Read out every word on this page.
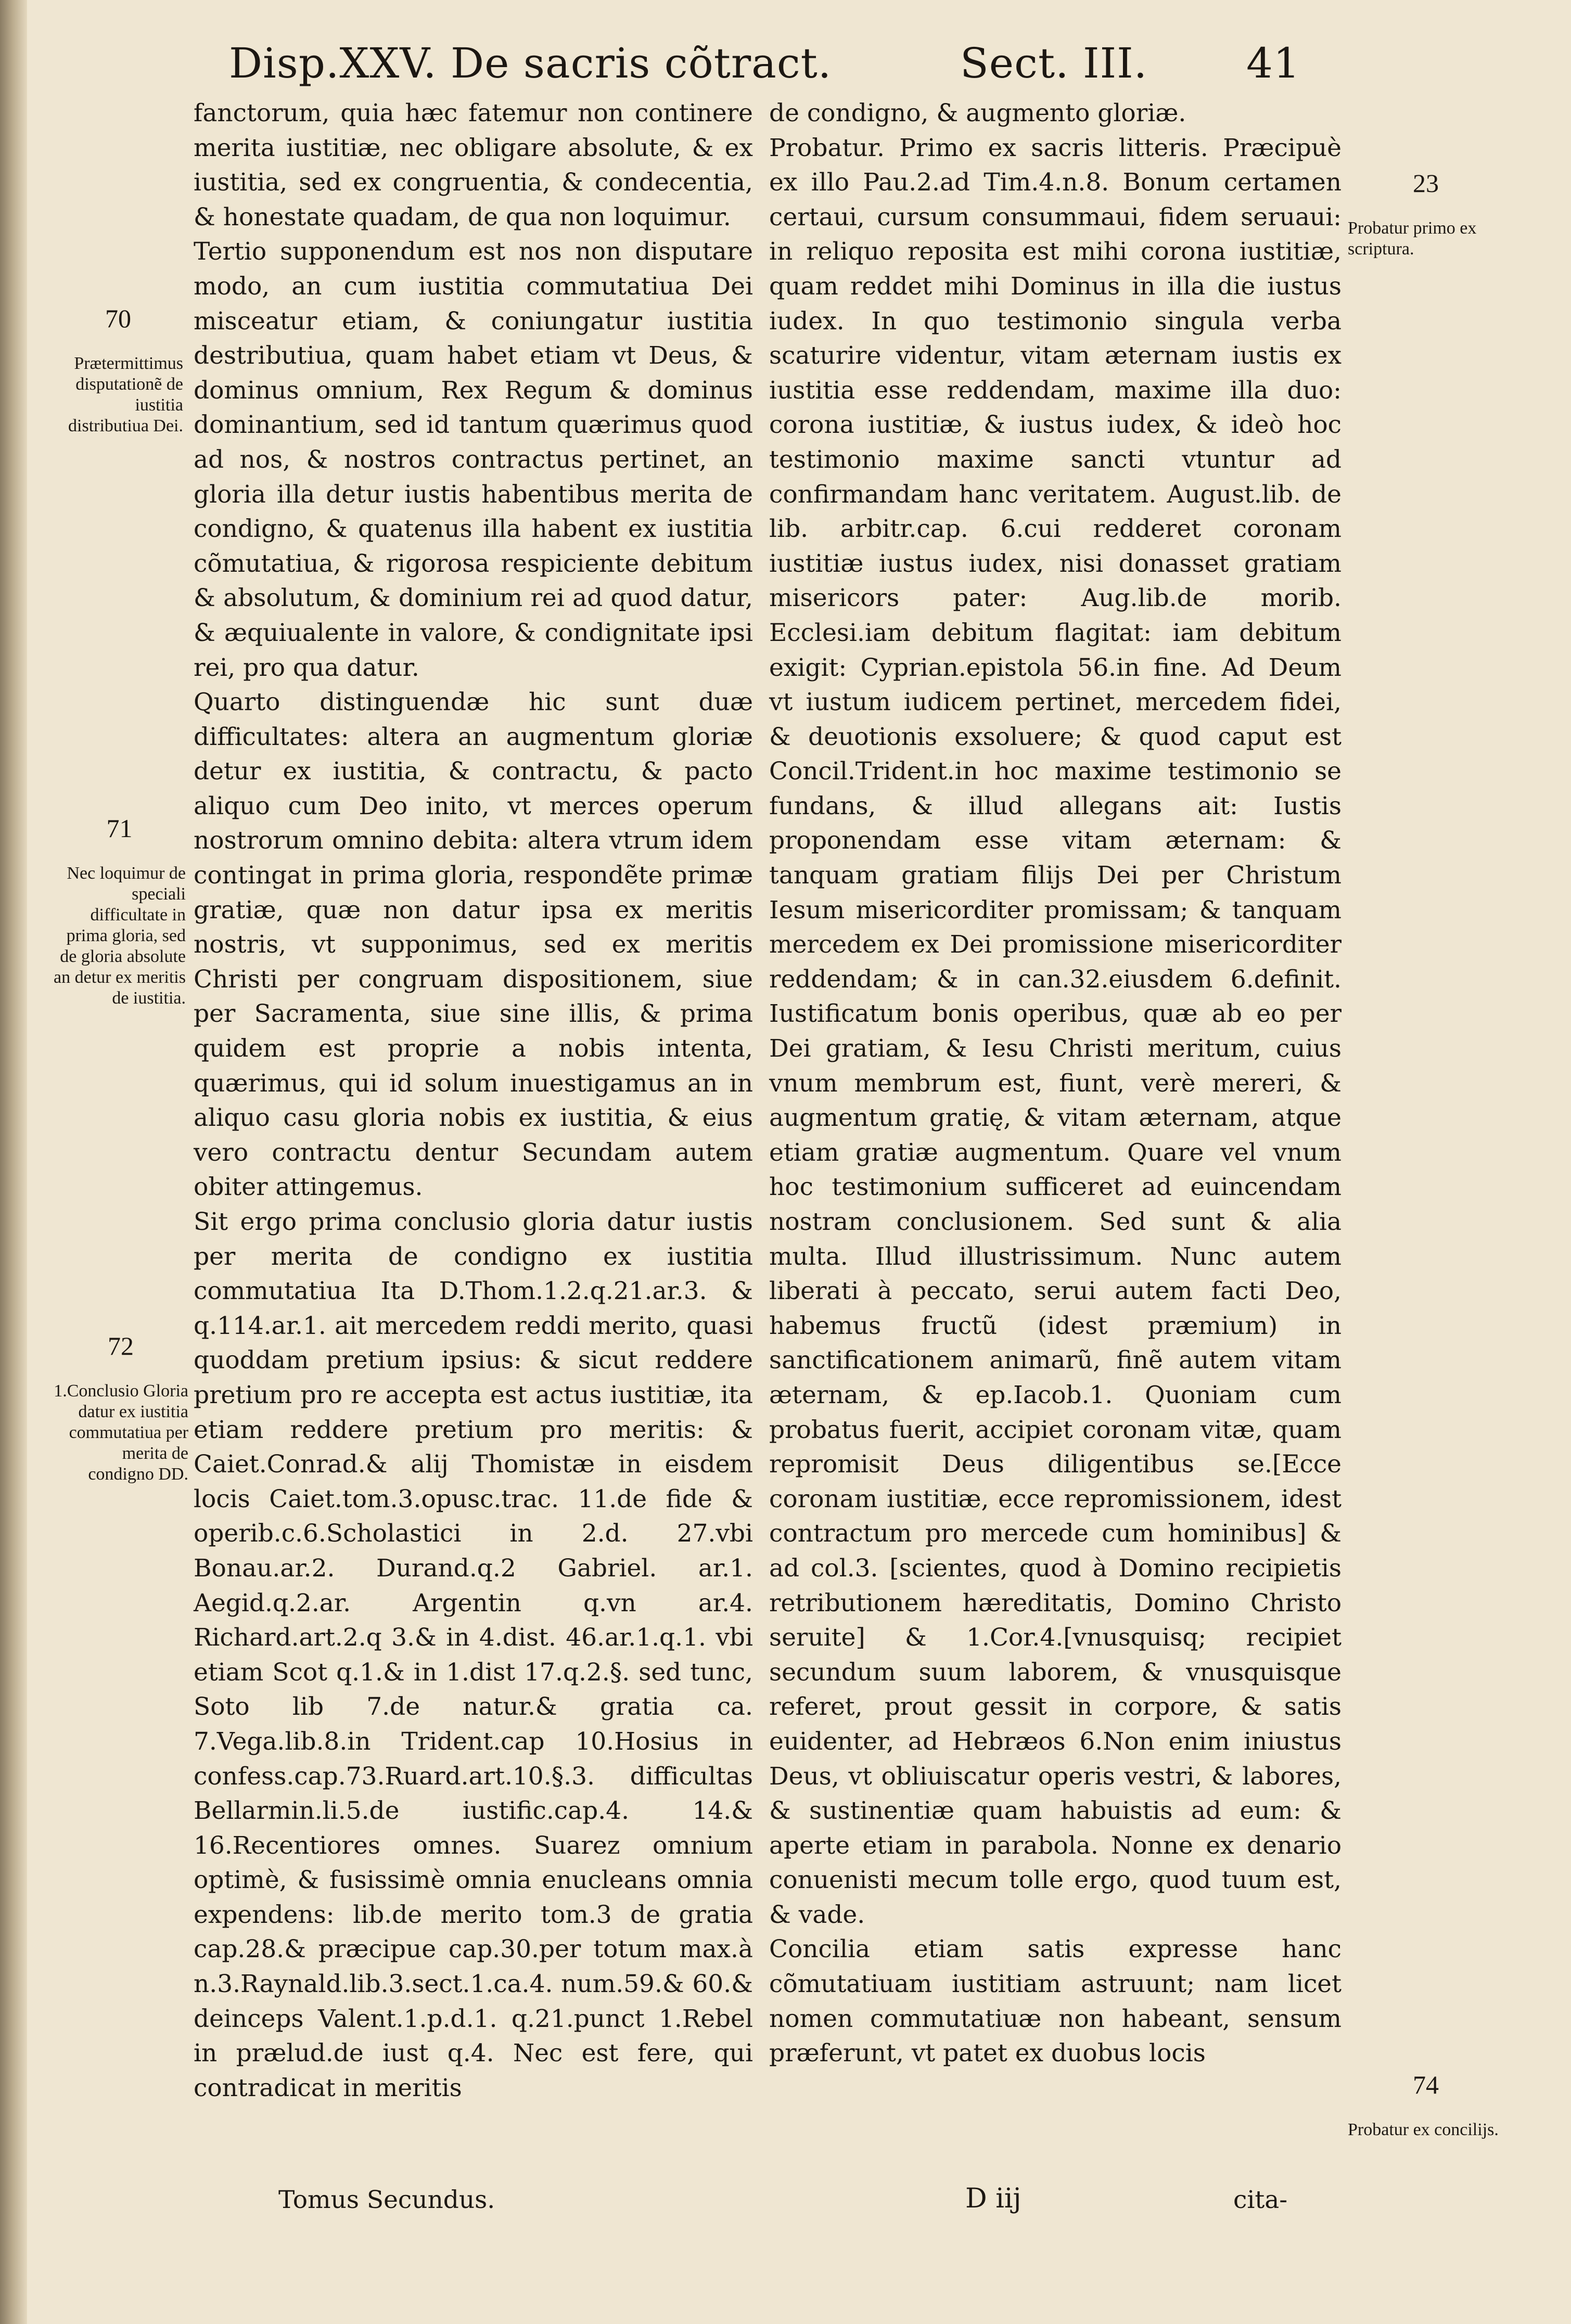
Disp.XXV. De sacris cõtract.	Sect. III. 41

fanctorum, quia hæc fatemur non continere merita iustitiæ, nec obligare absolute, & ex iustitia, sed ex congruentia, & condecentia, & honestate quadam, de qua non loquimur.

Tertio supponendum est nos non disputare modo, an cum iustitia commutatiua Dei misceatur etiam, & coniungatur iustitia destributiua, quam habet etiam vt Deus, & dominus omnium, Rex Regum & dominus dominantium, sed id tantum quærimus quod ad nos, & nostros contractus pertinet, an gloria illa detur iustis habentibus merita de condigno, & quatenus illa habent ex iustitia cõmutatiua, & rigorosa respiciente debitum & absolutum, & dominium rei ad quod datur, & æquiualente in valore, & condignitate ipsi rei, pro qua datur.

Quarto distinguendæ hic sunt duæ difficultates: altera an augmentum gloriæ detur ex iustitia, & contractu, & pacto aliquo cum Deo inito, vt merces operum nostrorum omnino debita: altera vtrum idem contingat in prima gloria, respondẽte primæ gratiæ, quæ non datur ipsa ex meritis nostris, vt supponimus, sed ex meritis Christi per congruam dispositionem, siue per Sacramenta, siue sine illis, & prima quidem est proprie a nobis intenta, quærimus, qui id solum inuestigamus an in aliquo casu gloria nobis ex iustitia, & eius vero contractu dentur Secundam autem obiter attingemus.

Sit ergo prima conclusio gloria datur iustis per merita de condigno ex iustitia commutatiua Ita D.Thom.1.2.q.21.ar.3. & q.114.ar.1. ait mercedem reddi merito, quasi quoddam pretium ipsius: & sicut reddere pretium pro re accepta est actus iustitiæ, ita etiam reddere pretium pro meritis: & Caiet.Conrad.& alij Thomistæ in eisdem locis Caiet.tom.3.opusc.trac. 11.de fide & operib.c.6.Scholastici in 2.d. 27.vbi Bonau.ar.2. Durand.q.2 Gabriel. ar.1. Aegid.q.2.ar. Argentin q.vn ar.4. Richard.art.2.q 3.& in 4.dist. 46.ar.1.q.1. vbi etiam Scot q.1.& in 1.dist 17.q.2.§. sed tunc, Soto lib 7.de natur.& gratia ca. 7.Vega.lib.8.in Trident.cap 10.Hosius in confess.cap.73.Ruard.art.10.§.3. difficultas Bellarmin.li.5.de iustific.cap.4. 14.& 16.Recentiores omnes. Suarez omnium optimè, & fusissimè omnia enucleans omnia expendens: lib.de merito tom.3 de gratia cap.28.& præcipue cap.30.per totum max.à n.3.Raynald.lib.3.sect.1.ca.4. num.59.& 60.& deinceps Valent.1.p.d.1. q.21.punct 1.Rebel in prælud.de iust q.4. Nec est fere, qui contradicat in meritis

de condigno, & augmento gloriæ.

Probatur. Primo ex sacris litteris. Præcipuè ex illo Pau.2.ad Tim.4.n.8. Bonum certamen certaui, cursum consummaui, fidem seruaui: in reliquo reposita est mihi corona iustitiæ, quam reddet mihi Dominus in illa die iustus iudex. In quo testimonio singula verba scaturire videntur, vitam æternam iustis ex iustitia esse reddendam, maxime illa duo: corona iustitiæ, & iustus iudex, & ideò hoc testimonio maxime sancti vtuntur ad confirmandam hanc veritatem. August.lib. de lib. arbitr.cap. 6.cui redderet coronam iustitiæ iustus iudex, nisi donasset gratiam misericors pater: Aug.lib.de morib. Ecclesi.iam debitum flagitat: iam debitum exigit: Cyprian.epistola 56.in fine. Ad Deum vt iustum iudicem pertinet, mercedem fidei, & deuotionis exsoluere; & quod caput est Concil.Trident.in hoc maxime testimonio se fundans, & illud allegans ait: Iustis proponendam esse vitam æternam: & tanquam gratiam filijs Dei per Christum Iesum misericorditer promissam; & tanquam mercedem ex Dei promissione misericorditer reddendam; & in can.32.eiusdem 6.definit. Iustificatum bonis operibus, quæ ab eo per Dei gratiam, & Iesu Christi meritum, cuius vnum membrum est, fiunt, verè mereri, & augmentum gratię, & vitam æternam, atque etiam gratiæ augmentum. Quare vel vnum hoc testimonium sufficeret ad euincendam nostram conclusionem. Sed sunt & alia multa. Illud illustrissimum. Nunc autem liberati à peccato, serui autem facti Deo, habemus fructũ (idest præmium) in sanctificationem animarũ, finẽ autem vitam æternam, & ep.Iacob.1. Quoniam cum probatus fuerit, accipiet coronam vitæ, quam repromisit Deus diligentibus se.[Ecce coronam iustitiæ, ecce repromissionem, idest contractum pro mercede cum hominibus] & ad col.3. [scientes, quod à Domino recipietis retributionem hæreditatis, Domino Christo seruite] & 1.Cor.4.[vnusquisq; recipiet secundum suum laborem, & vnusquisque referet, prout gessit in corpore, & satis euidenter, ad Hebræos 6.Non enim iniustus Deus, vt obliuiscatur operis vestri, & labores, & sustinentiæ quam habuistis ad eum: & aperte etiam in parabola. Nonne ex denario conuenisti mecum tolle ergo, quod tuum est, & vade.

Concilia etiam satis expresse hanc cõmutatiuam iustitiam astruunt; nam licet nomen commutatiuæ non habeant, sensum præferunt, vt patet ex duobus locis

70

Prætermittimus disputationẽ de iustitia distributiua Dei.

71

Nec loquimur de speciali difficultate in prima gloria, sed de gloria absolute an detur ex meritis de iustitia.

72

1.Conclusio Gloria datur ex iustitia commutatiua per merita de condigno DD.

23

Probatur primo ex scriptura.

74

Probatur ex concilijs.

Tomus Secundus.	D iij	cita-
